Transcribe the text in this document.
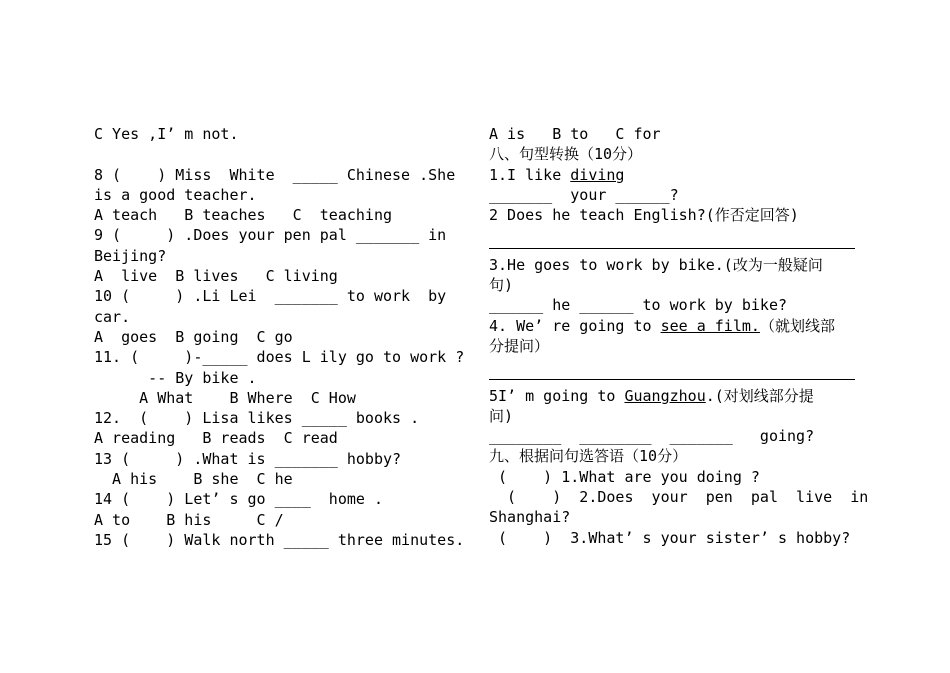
C Yes ,I’ m not.
8 (    ) Miss  White  _____ Chinese .She
is a good teacher.
A teach   B teaches   C  teaching
9 (     ) .Does your pen pal _______ in
Beijing?
A  live  B lives   C living
10 (     ) .Li Lei  _______ to work  by
car.
A  goes  B going  C go
11. (     )-_____ does L ily go to work ?
-- By bike .
A What    B Where  C How
12.  (    ) Lisa likes _____ books .
A reading   B reads  C read
13 (     ) .What is _______ hobby?
A his    B she  C he
14 (    ) Let’ s go ____  home .
A to    B his     C /
15 (    ) Walk north _____ three minutes.
A is   B to   C for
八、句型转换（10分）
1.I like diving
_______  your ______?
2 Does he teach English?(作否定回答)
3.He goes to work by bike.(改为一般疑问
句)
______ he ______ to work by bike?
4. We’ re going to see a film.（就划线部
分提问）
5I’ m going to Guangzhou.(对划线部分提
问)
________  ________  _______   going?
九、根据问句选答语（10分）
(    ) 1.What are you doing ?
(    )  2.Does  your  pen  pal  live  in
Shanghai?
(    )  3.What’ s your sister’ s hobby?
